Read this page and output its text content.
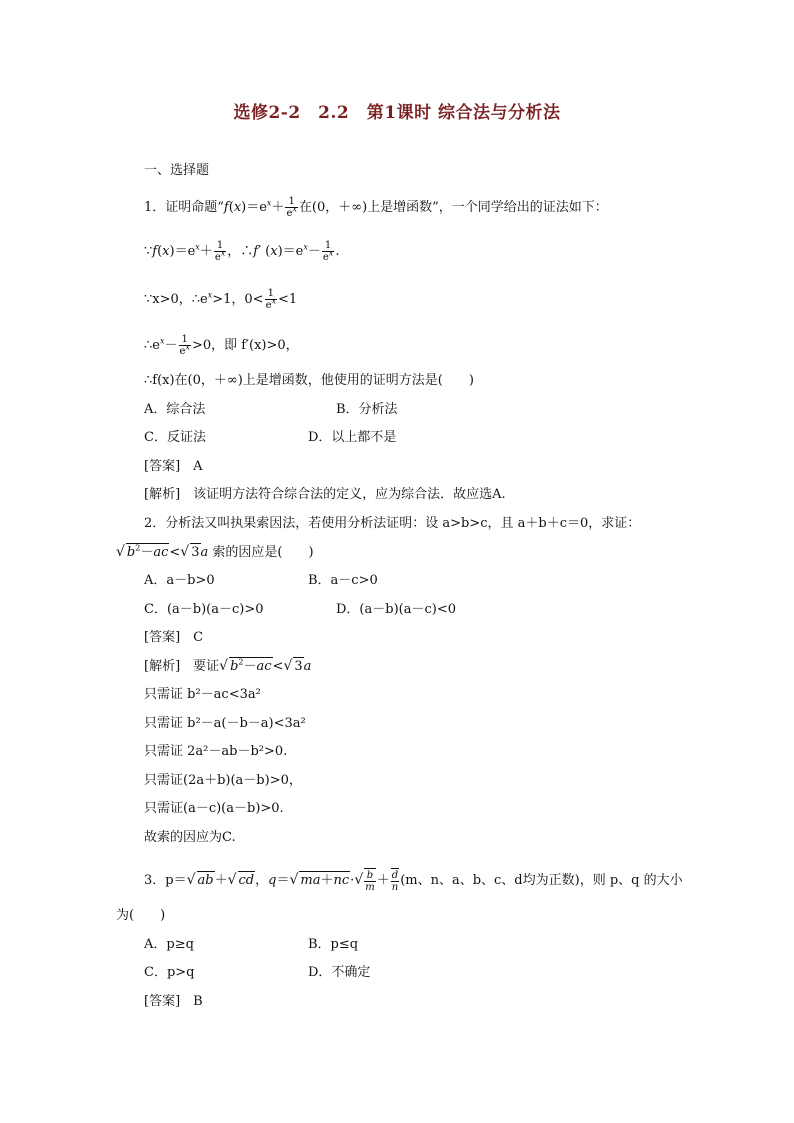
选修2-2　2.2　第1课时 综合法与分析法
一、选择题
1．证明命题“$f(x)=e^x+ \frac{1}{e^x}$ 在(0，＋∞)上是增函数”，一个同学给出的证法如下：
$\because f(x)=e^x+ \frac{1}{e^x}$ ，∴f′ $(x)=e^x- \frac{1}{e^x}$ .
∵x>0，$\therefore e^x>1$，$0< \frac{1}{e^x} <1$
$\therefore e^x- \frac{1}{e^x} >0$，即 f′(x)>0，
∴f(x)在(0，＋∞)上是增函数，他使用的证明方法是(　　)
A．综合法	B．分析法
C．反证法	D．以上都不是
[答案]　A
[解析]　该证明方法符合综合法的定义，应为综合法．故应选A.
2．分析法又叫执果索因法，若使用分析法证明：设 a>b>c，且 a＋b＋c＝0，求证：
√ $b^2-ac<√$ 3a 索的因应是(　　)
A．a－b>0	B．a－c>0
C．(a－b)(a－c)>0	D．(a－b)(a－c)<0
[答案]　C
[解析]　要证√ $b^2-ac<√$ 3a
只需证 b²－ac<3a²
只需证 b²－a(－b－a)<3a²
只需证 2a²－ab－b²>0.
只需证(2a＋b)(a－b)>0，
只需证(a－c)(a－b)>0.
故索的因应为C.
3．p＝√ ab＋√ cd，q＝√ $ma+nc\cdot√ \frac{b}{m} + \frac{d}{n} (m$、n、a、b、c、d均为正数)，则 p、q 的大小
为(　　)
A．p≥q	B．p≤q
C．p>q	D．不确定
[答案]　B
